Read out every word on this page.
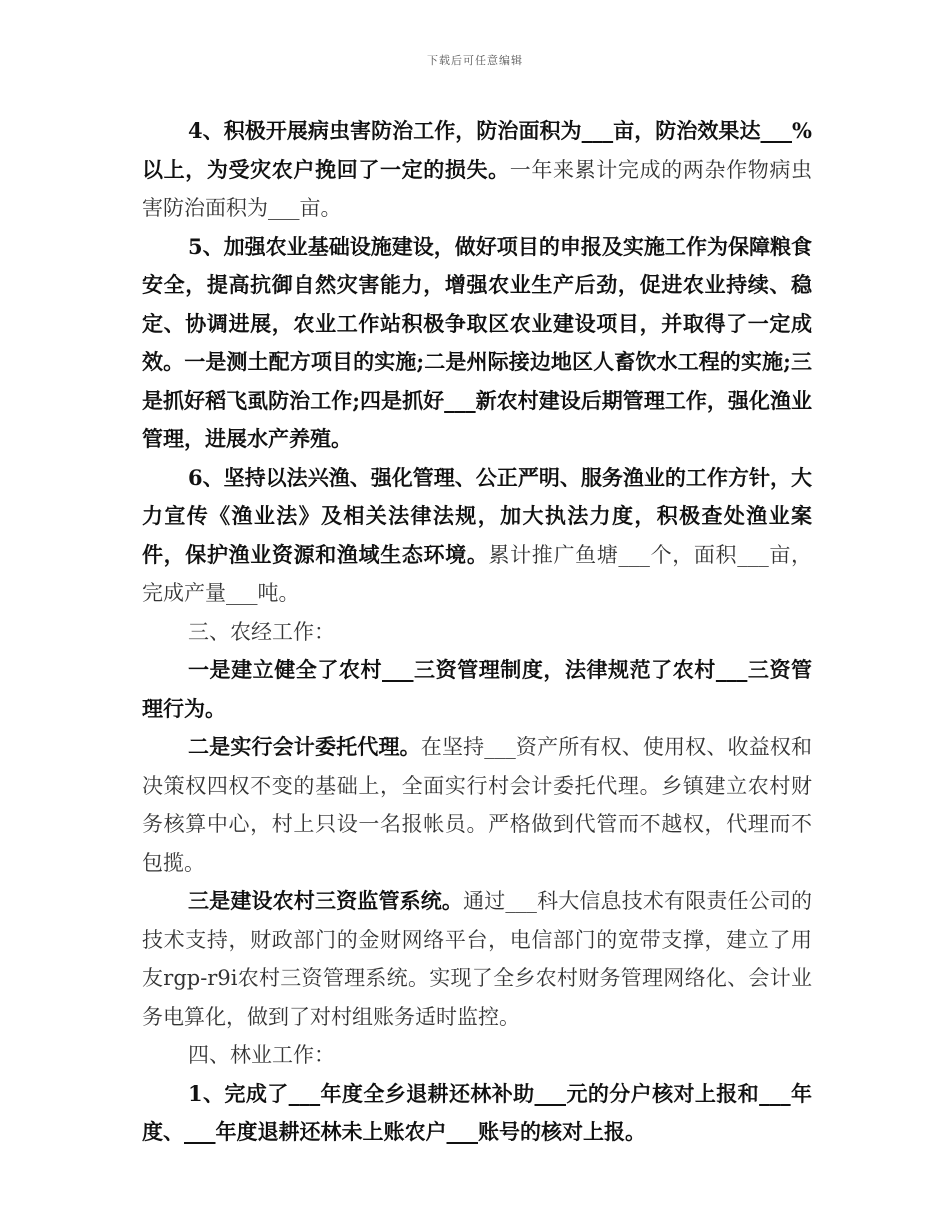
下载后可任意编辑

4、积极开展病虫害防治工作，防治面积为___亩，防治效果达___%以上，为受灾农户挽回了一定的损失。一年来累计完成的两杂作物病虫害防治面积为___亩。

5、加强农业基础设施建设，做好项目的申报及实施工作为保障粮食安全，提高抗御自然灾害能力，增强农业生产后劲，促进农业持续、稳定、协调进展，农业工作站积极争取区农业建设项目，并取得了一定成效。一是测土配方项目的实施;二是州际接边地区人畜饮水工程的实施;三是抓好稻飞虱防治工作;四是抓好___新农村建设后期管理工作，强化渔业管理，进展水产养殖。

6、坚持以法兴渔、强化管理、公正严明、服务渔业的工作方针，大力宣传《渔业法》及相关法律法规，加大执法力度，积极查处渔业案件，保护渔业资源和渔域生态环境。累计推广鱼塘___个，面积___亩，完成产量___吨。

三、农经工作：

一是建立健全了农村___三资管理制度，法律规范了农村___三资管理行为。

二是实行会计委托代理。在坚持___资产所有权、使用权、收益权和决策权四权不变的基础上，全面实行村会计委托代理。乡镇建立农村财务核算中心，村上只设一名报帐员。严格做到代管而不越权，代理而不包揽。

三是建设农村三资监管系统。通过___科大信息技术有限责任公司的技术支持，财政部门的金财网络平台，电信部门的宽带支撑，建立了用友rgp-r9i农村三资管理系统。实现了全乡农村财务管理网络化、会计业务电算化，做到了对村组账务适时监控。

四、林业工作：

1、完成了___年度全乡退耕还林补助___元的分户核对上报和___年度、___年度退耕还林未上账农户___账号的核对上报。
